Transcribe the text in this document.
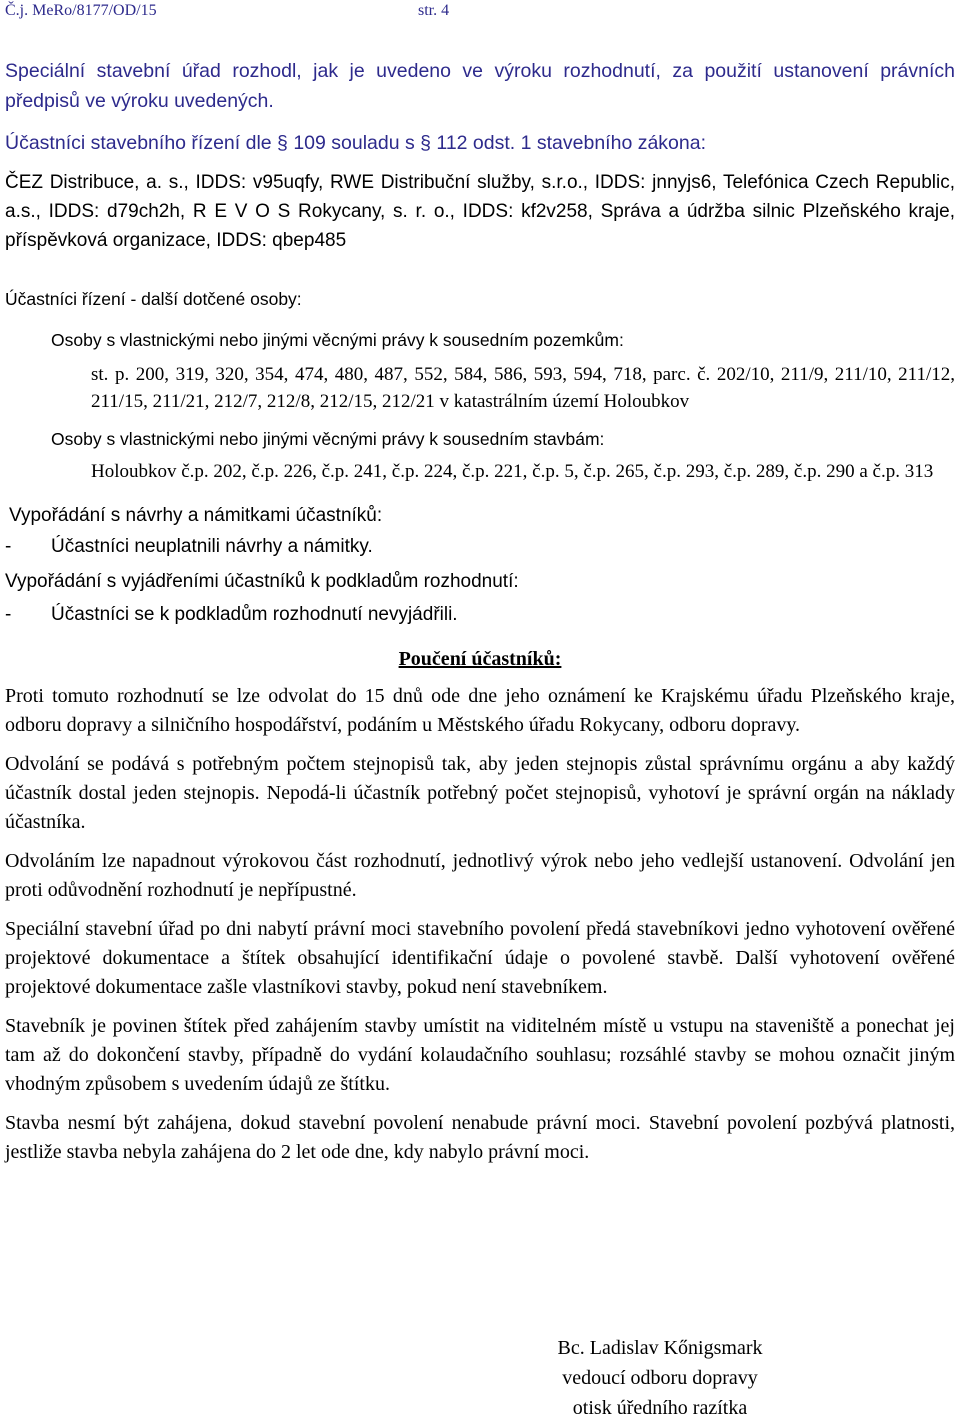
Č.j. MeRo/8177/OD/15	str. 4

Speciální stavební úřad rozhodl, jak je uvedeno ve výroku rozhodnutí, za použití ustanovení právních předpisů ve výroku uvedených.

Účastníci stavebního řízení dle § 109 souladu s § 112 odst. 1 stavebního zákona:

ČEZ Distribuce, a. s., IDDS: v95uqfy, RWE Distribuční služby, s.r.o., IDDS: jnnyjs6, Telefónica Czech Republic, a.s., IDDS: d79ch2h, R E V O S Rokycany, s. r. o., IDDS: kf2v258, Správa a údržba silnic Plzeňského kraje, příspěvková organizace, IDDS: qbep485

Účastníci řízení - další dotčené osoby:

Osoby s vlastnickými nebo jinými věcnými právy k sousedním pozemkům:

st. p. 200, 319, 320, 354, 474, 480, 487, 552, 584, 586, 593, 594, 718, parc. č. 202/10, 211/9, 211/10, 211/12, 211/15, 211/21, 212/7, 212/8, 212/15, 212/21 v katastrálním území Holoubkov

Osoby s vlastnickými nebo jinými věcnými právy k sousedním stavbám:

Holoubkov č.p. 202, č.p. 226, č.p. 241, č.p. 224, č.p. 221, č.p. 5, č.p. 265, č.p. 293, č.p. 289, č.p. 290 a č.p. 313

Vypořádání s návrhy a námitkami účastníků:

-	Účastníci neuplatnili návrhy a námitky.

Vypořádání s vyjádřeními účastníků k podkladům rozhodnutí:

-	Účastníci se k podkladům rozhodnutí nevyjádřili.

Poučení účastníků:

Proti tomuto rozhodnutí se lze odvolat do 15 dnů ode dne jeho oznámení ke Krajskému úřadu Plzeňského kraje, odboru dopravy a silničního hospodářství, podáním u Městského úřadu Rokycany, odboru dopravy.

Odvolání se podává s potřebným počtem stejnopisů tak, aby jeden stejnopis zůstal správnímu orgánu a aby každý účastník dostal jeden stejnopis. Nepodá-li účastník potřebný počet stejnopisů, vyhotoví je správní orgán na náklady účastníka.

Odvoláním lze napadnout výrokovou část rozhodnutí, jednotlivý výrok nebo jeho vedlejší ustanovení. Odvolání jen proti odůvodnění rozhodnutí je nepřípustné.

Speciální stavební úřad po dni nabytí právní moci stavebního povolení předá stavebníkovi jedno vyhotovení ověřené projektové dokumentace a štítek obsahující identifikační údaje o povolené stavbě. Další vyhotovení ověřené projektové dokumentace zašle vlastníkovi stavby, pokud není stavebníkem.

Stavebník je povinen štítek před zahájením stavby umístit na viditelném místě u vstupu na staveniště a ponechat jej tam až do dokončení stavby, případně do vydání kolaudačního souhlasu; rozsáhlé stavby se mohou označit jiným vhodným způsobem s uvedením údajů ze štítku.

Stavba nesmí být zahájena, dokud stavební povolení nenabude právní moci. Stavební povolení pozbývá platnosti, jestliže stavba nebyla zahájena do 2 let ode dne, kdy nabylo právní moci.

Bc. Ladislav Kőnigsmark
vedoucí odboru dopravy
otisk úředního razítka
